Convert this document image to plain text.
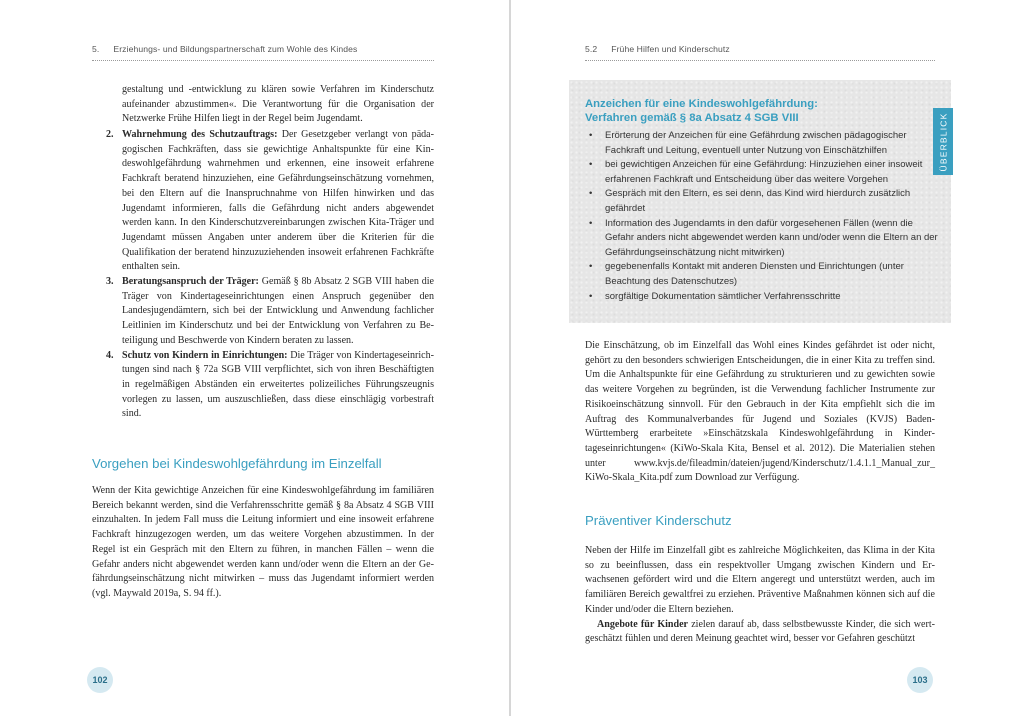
5. Erziehungs- und Bildungspartnerschaft zum Wohle des Kindes

gestaltung und -entwicklung zu klären sowie Verfahren im Kinderschutz aufeinander abzustimmen«. Die Verantwortung für die Organisation der Netzwerke Frühe Hilfen liegt in der Regel beim Jugendamt.

2. Wahrnehmung des Schutzauftrags: Der Gesetzgeber verlangt von pädagogischen Fachkräften, dass sie gewichtige Anhaltspunkte für eine Kindeswohlgefährdung wahrnehmen und erkennen, eine insoweit erfahrene Fachkraft beratend hinzuziehen, eine Gefährdungseinschätzung vornehmen, bei den Eltern auf die Inanspruchnahme von Hilfen hinwirken und das Jugendamt informieren, falls die Gefährdung nicht anders abgewendet werden kann. In den Kinderschutzvereinbarungen zwischen Kita-Träger und Jugendamt müssen Angaben unter anderem über die Kriterien für die Qualifikation der beratend hinzuzuziehenden insoweit erfahrenen Fachkräfte enthalten sein.
3. Beratungsanspruch der Träger: Gemäß § 8b Absatz 2 SGB VIII haben die Träger von Kindertageseinrichtungen einen Anspruch gegenüber den Landesjugendämtern, sich bei der Entwicklung und Anwendung fachlicher Leitlinien im Kinderschutz und bei der Entwicklung von Verfahren zu Beteiligung und Beschwerde von Kindern beraten zu lassen.
4. Schutz von Kindern in Einrichtungen: Die Träger von Kindertageseinrichtungen sind nach § 72a SGB VIII verpflichtet, sich von ihren Beschäftigten in regelmäßigen Abständen ein erweitertes polizeiliches Führungszeugnis vorlegen zu lassen, um auszuschließen, dass diese einschlägig vorbestraft sind.
Vorgehen bei Kindeswohlgefährdung im Einzelfall

Wenn der Kita gewichtige Anzeichen für eine Kindeswohlgefährdung im familiären Bereich bekannt werden, sind die Verfahrensschritte gemäß § 8a Absatz 4 SGB VIII einzuhalten. In jedem Fall muss die Leitung informiert und eine insoweit erfahrene Fachkraft hinzugezogen werden, um das weitere Vorgehen abzustimmen. In der Regel ist ein Gespräch mit den Eltern zu führen, in manchen Fällen – wenn die Gefahr anders nicht abgewendet werden kann und/oder wenn die Eltern an der Gefährdungseinschätzung nicht mitwirken – muss das Jugendamt informiert werden (vgl. Maywald 2019a, S. 94 ff.).

102
5.2 Frühe Hilfen und Kinderschutz
Anzeichen für eine Kindeswohlgefährdung:
Verfahren gemäß § 8a Absatz 4 SGB VIII
• Erörterung der Anzeichen für eine Gefährdung zwischen pädagogischer Fachkraft und Leitung, eventuell unter Nutzung von Einschätzhilfen
• bei gewichtigen Anzeichen für eine Gefährdung: Hinzuziehen einer insoweit erfahrenen Fachkraft und Entscheidung über das weitere Vorgehen
• Gespräch mit den Eltern, es sei denn, das Kind wird hierdurch zusätzlich gefährdet
• Information des Jugendamts in den dafür vorgesehenen Fällen (wenn die Gefahr anders nicht abgewendet werden kann und/oder wenn die Eltern an der Gefährdungseinschätzung nicht mitwirken)
• gegebenenfalls Kontakt mit anderen Diensten und Einrichtungen (unter Beachtung des Datenschutzes)
• sorgfältige Dokumentation sämtlicher Verfahrensschritte
ÜBERBLICK

Die Einschätzung, ob im Einzelfall das Wohl eines Kindes gefährdet ist oder nicht, gehört zu den besonders schwierigen Entscheidungen, die in einer Kita zu treffen sind. Um die Anhaltspunkte für eine Gefährdung zu strukturieren und zu gewichten sowie das weitere Vorgehen zu begründen, ist die Verwendung fachlicher Instrumente zur Risikoeinschätzung sinnvoll. Für den Gebrauch in der Kita empfiehlt sich die im Auftrag des Kommunalverbandes für Jugend und Soziales (KVJS) Baden-Württemberg erarbeitete »Einschätzskala Kindeswohlgefährdung in Kindertageseinrichtungen« (KiWo-Skala Kita, Bensel et al. 2012). Die Materialien stehen unter www.kvjs.de/fileadmin/dateien/jugend/Kinderschutz/1.4.1.1_Manual_zur_ KiWo-Skala_Kita.pdf zum Download zur Verfügung.

Präventiver Kinderschutz

Neben der Hilfe im Einzelfall gibt es zahlreiche Möglichkeiten, das Klima in der Kita so zu beeinflussen, dass ein respektvoller Umgang zwischen Kindern und Erwachsenen gefördert wird und die Eltern angeregt und unterstützt werden, auch im familiären Bereich gewaltfrei zu erziehen. Präventive Maßnahmen können sich auf die Kinder und/oder die Eltern beziehen.

Angebote für Kinder zielen darauf ab, dass selbstbewusste Kinder, die sich wertgeschätzt fühlen und deren Meinung geachtet wird, besser vor Gefahren geschützt

103
